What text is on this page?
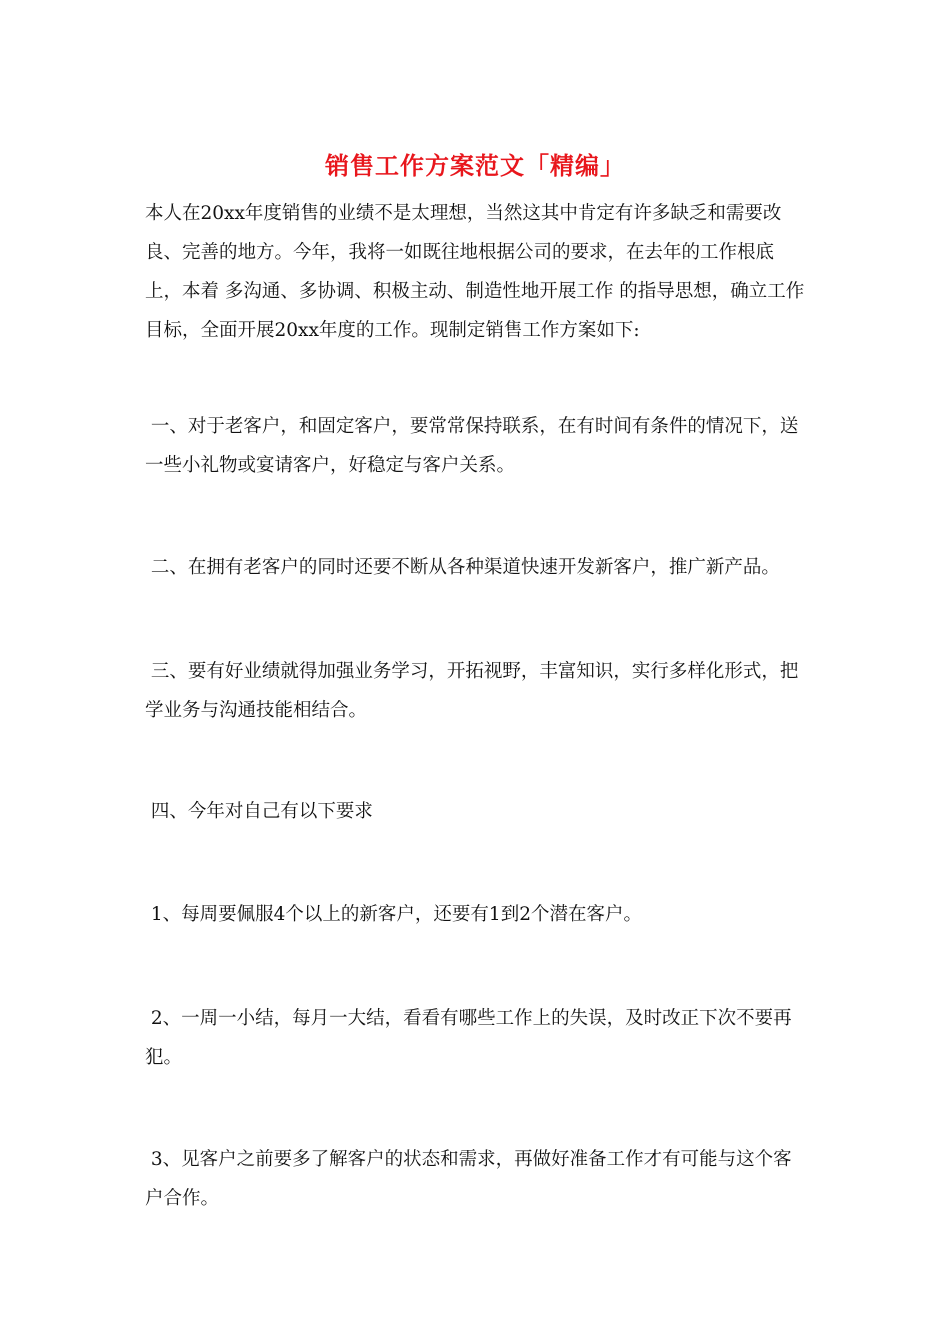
销售工作方案范文「精编」
本人在20xx年度销售的业绩不是太理想，当然这其中肯定有许多缺乏和需要改良、完善的地方。今年，我将一如既往地根据公司的要求，在去年的工作根底上，本着 多沟通、多协调、积极主动、制造性地开展工作 的指导思想，确立工作目标，全面开展20xx年度的工作。现制定销售工作方案如下:
一、对于老客户，和固定客户，要常常保持联系，在有时间有条件的情况下，送一些小礼物或宴请客户，好稳定与客户关系。
二、在拥有老客户的同时还要不断从各种渠道快速开发新客户，推广新产品。
三、要有好业绩就得加强业务学习，开拓视野，丰富知识，实行多样化形式，把学业务与沟通技能相结合。
四、今年对自己有以下要求
1、每周要佩服4个以上的新客户，还要有1到2个潜在客户。
2、一周一小结，每月一大结，看看有哪些工作上的失误，及时改正下次不要再犯。
3、见客户之前要多了解客户的状态和需求，再做好准备工作才有可能与这个客户合作。
